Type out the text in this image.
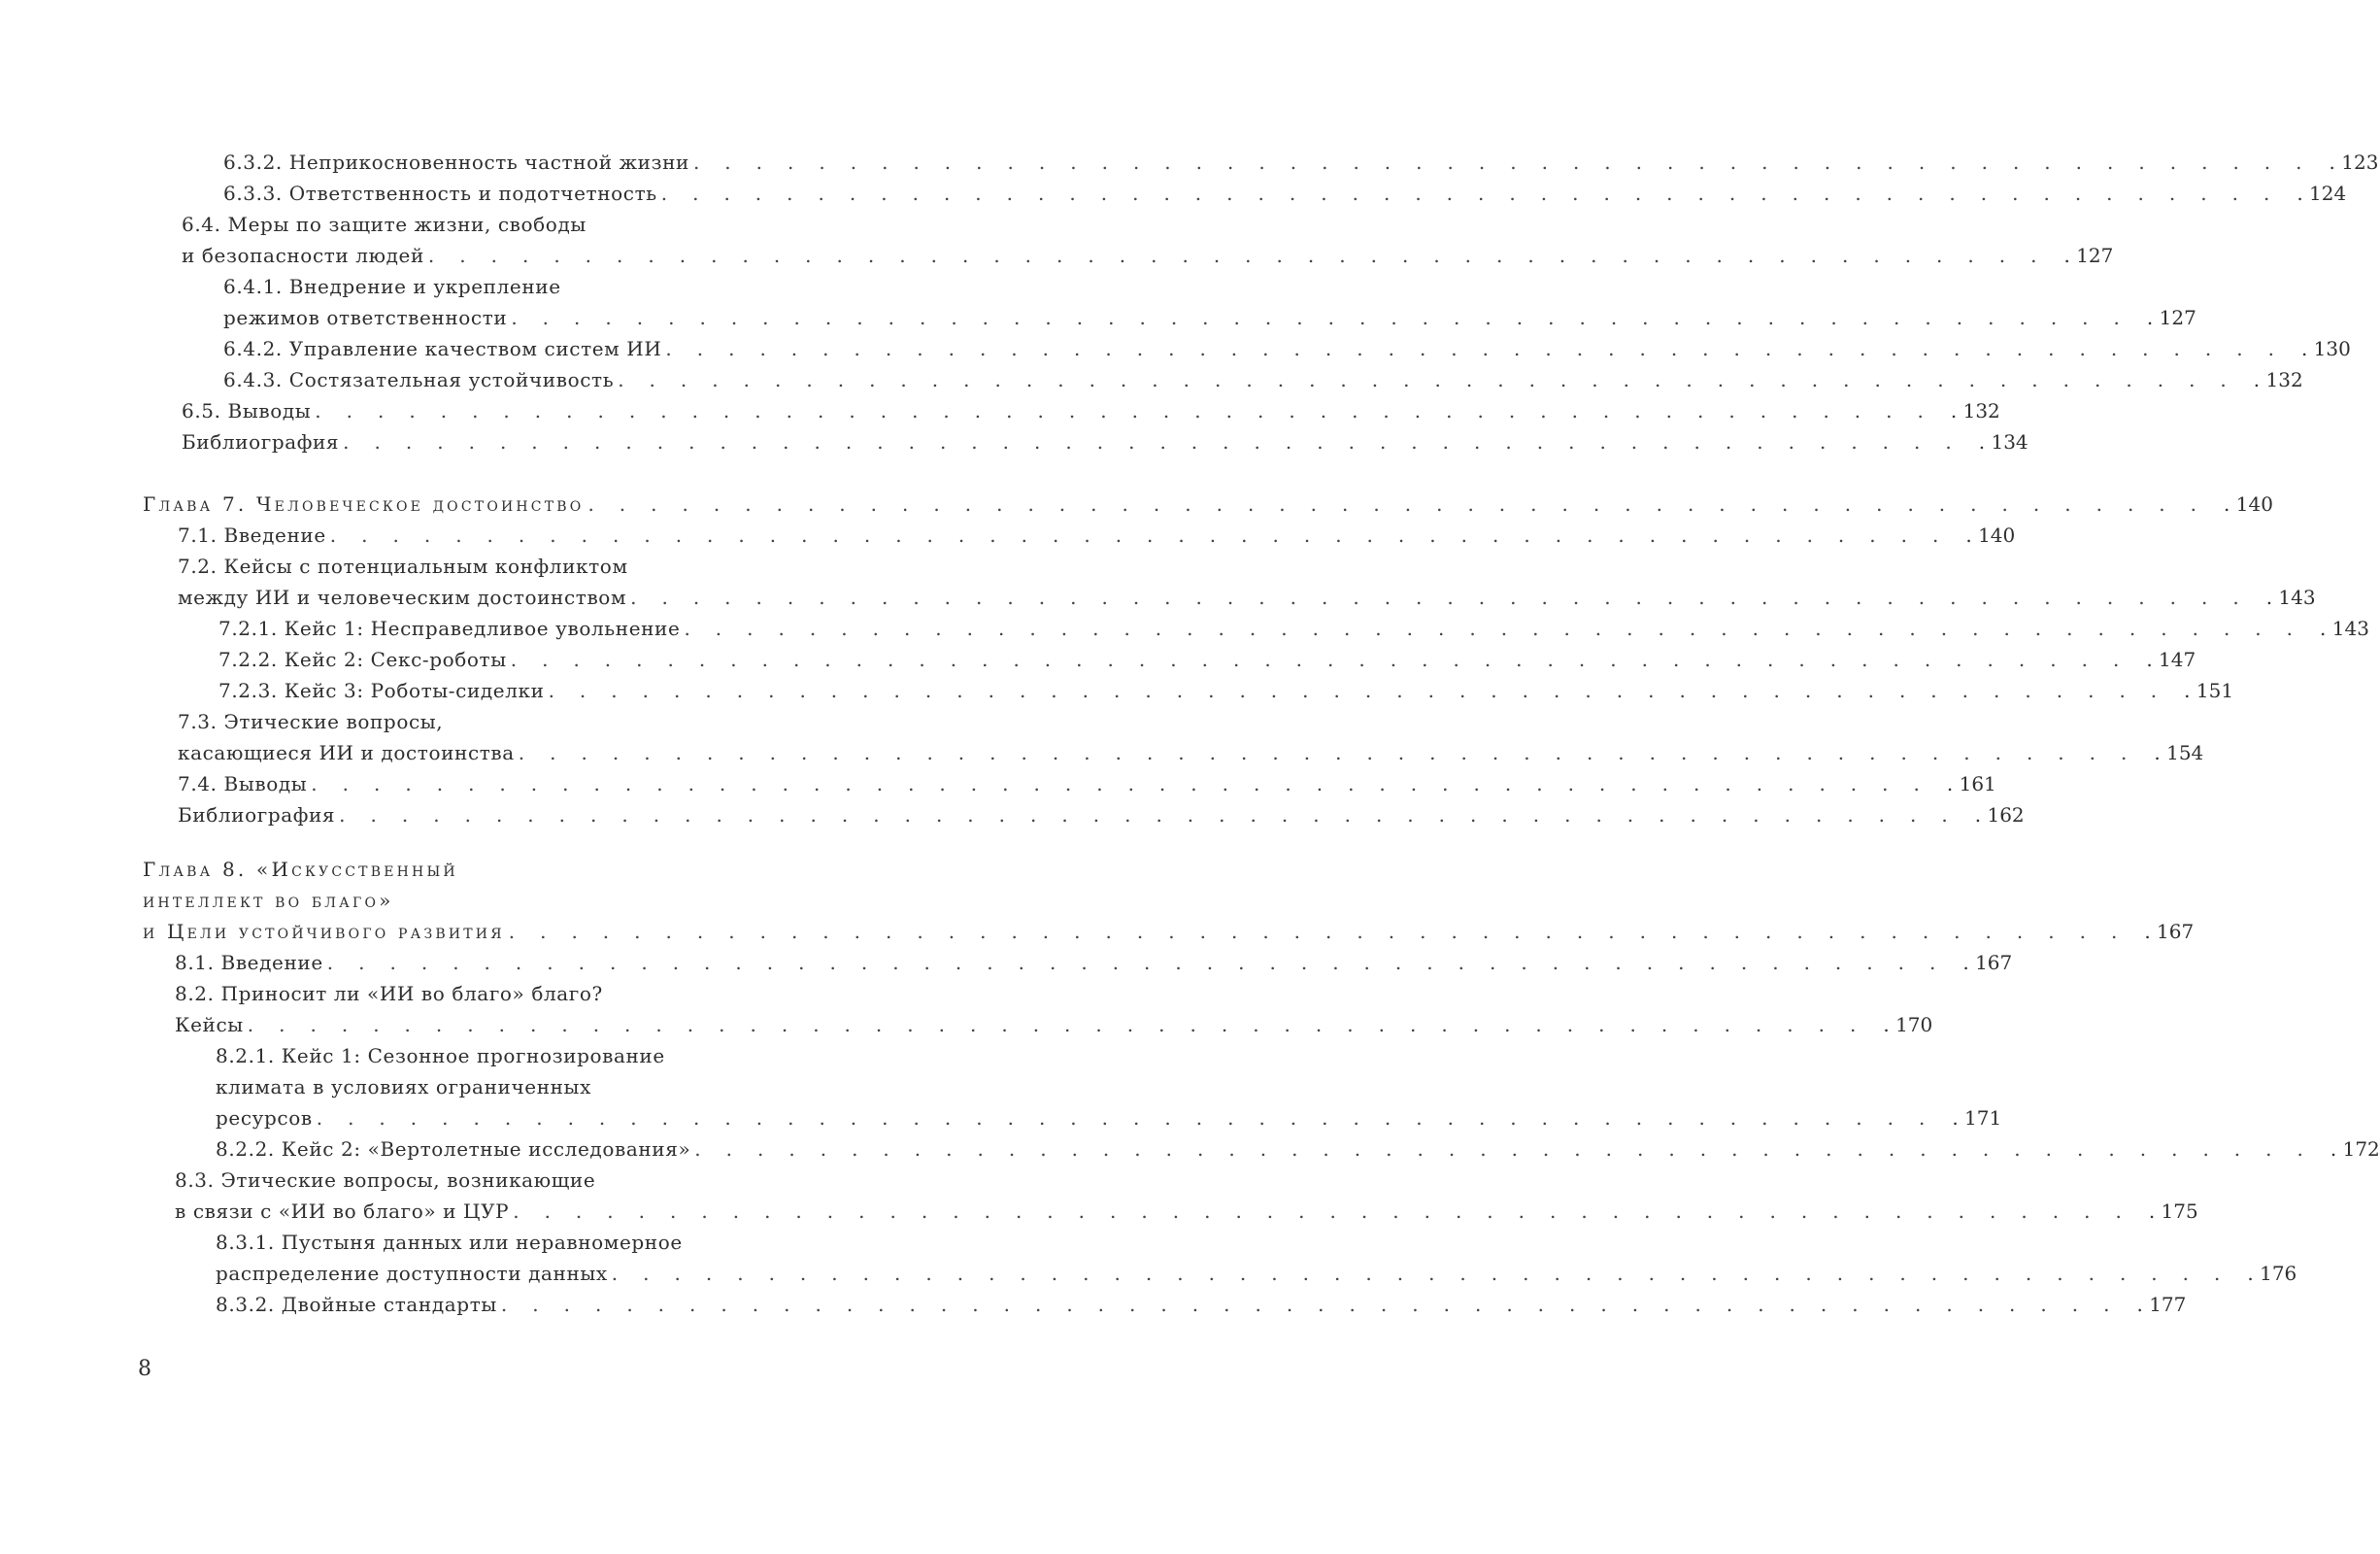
6.3.2. Неприкосновенность частной жизни .................................................... . 123
6.3.3. Ответственность и подотчетность .................................................... . 124
6.4. Меры по защите жизни, свободы
и безопасности людей .................................................... . 127
6.4.1. Внедрение и укрепление
режимов ответственности .................................................... . 127
6.4.2. Управление качеством систем ИИ .................................................... . 130
6.4.3. Состязательная устойчивость .................................................... . 132
6.5. Выводы .................................................... . 132
Библиография .................................................... . 134
Глава 7. Человеческое достоинство .................................................... . 140
7.1. Введение .................................................... . 140
7.2. Кейсы с потенциальным конфликтом
между ИИ и человеческим достоинством .................................................... . 143
7.2.1. Кейс 1: Несправедливое увольнение .................................................... . 143
7.2.2. Кейс 2: Секс-роботы .................................................... . 147
7.2.3. Кейс 3: Роботы-сиделки .................................................... . 151
7.3. Этические вопросы,
касающиеся ИИ и достоинства .................................................... . 154
7.4. Выводы .................................................... . 161
Библиография .................................................... . 162
Глава 8. «Искусственный
интеллект во благо»
и Цели устойчивого развития .................................................... . 167
8.1. Введение .................................................... . 167
8.2. Приносит ли «ИИ во благо» благо?
Кейсы .................................................... . 170
8.2.1. Кейс 1: Сезонное прогнозирование
климата в условиях ограниченных
ресурсов .................................................... . 171
8.2.2. Кейс 2: «Вертолетные исследования» .................................................... . 172
8.3. Этические вопросы, возникающие
в связи с «ИИ во благо» и ЦУР .................................................... . 175
8.3.1. Пустыня данных или неравномерное
распределение доступности данных .................................................... . 176
8.3.2. Двойные стандарты .................................................... . 177
8
